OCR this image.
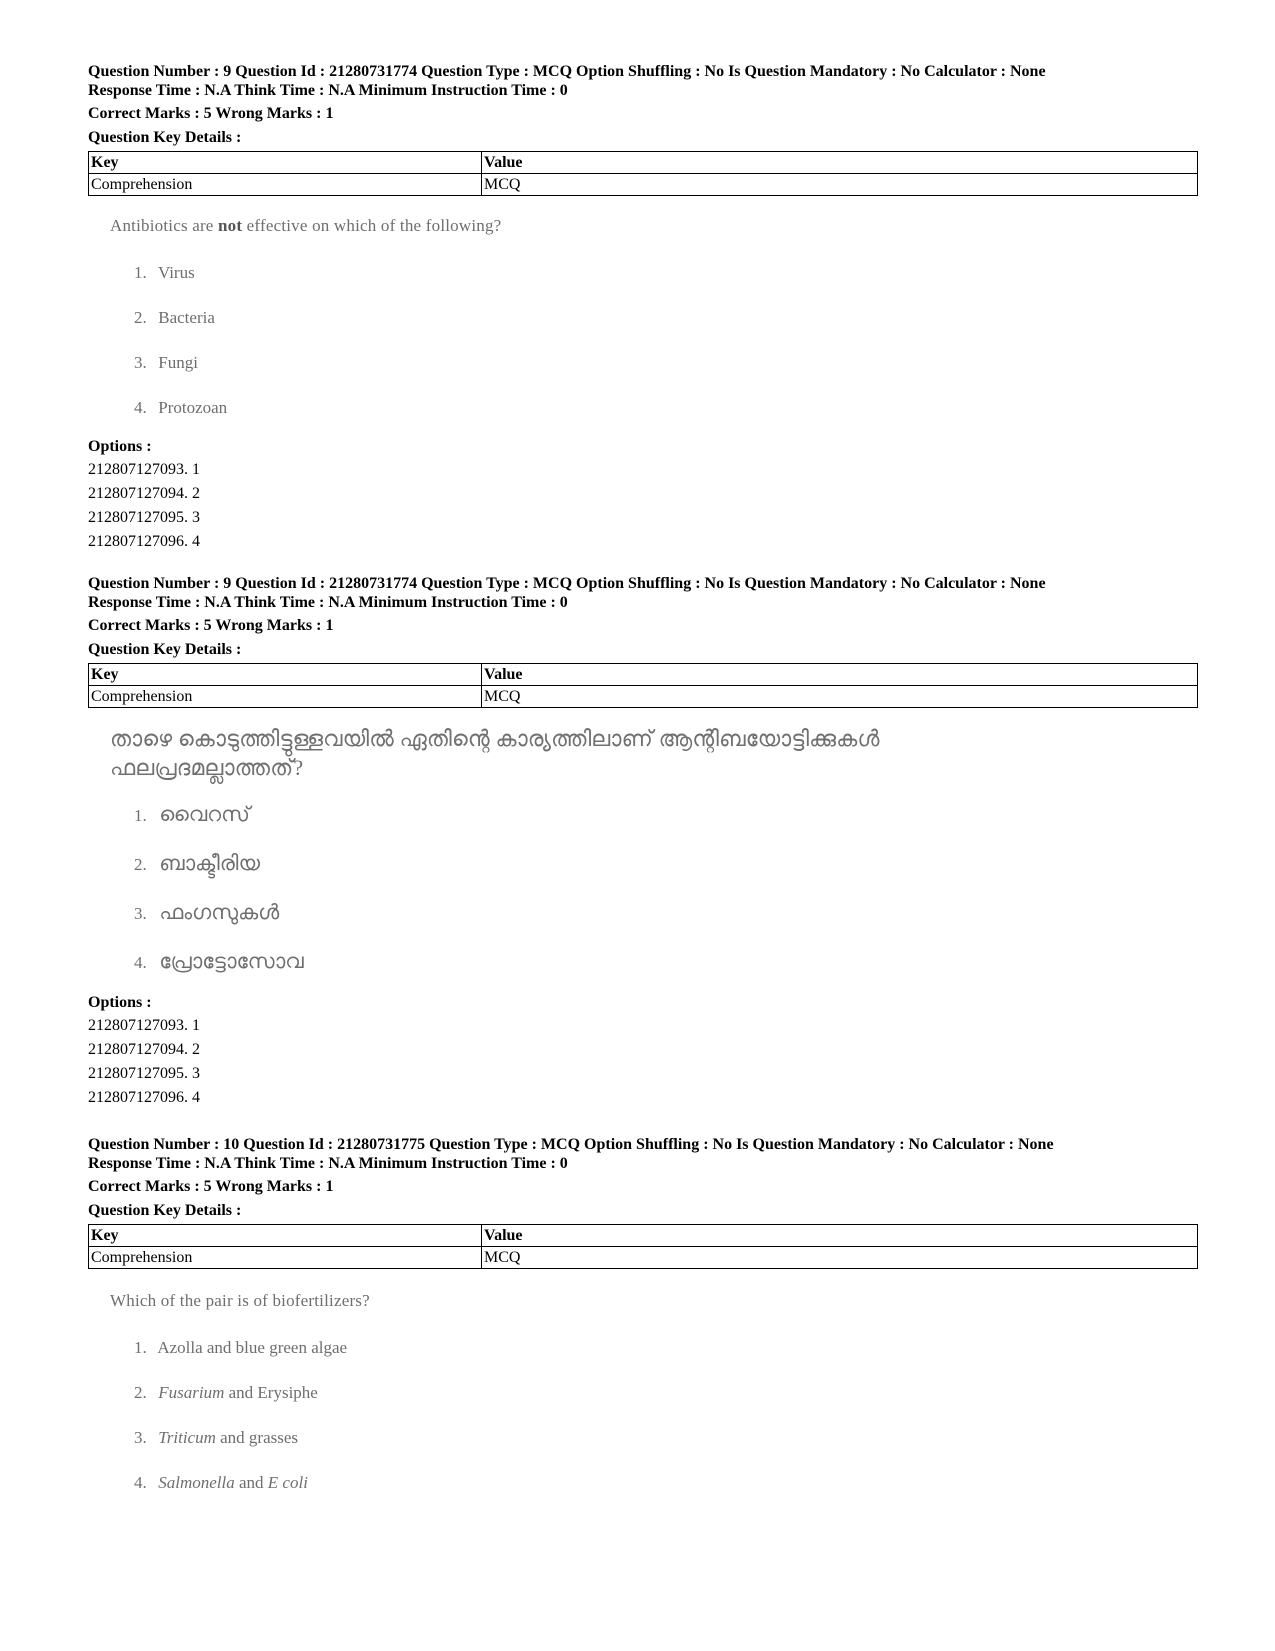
Question Number : 9 Question Id : 21280731774 Question Type : MCQ Option Shuffling : No Is Question Mandatory : No Calculator : None
Response Time : N.A Think Time : N.A Minimum Instruction Time : 0
Correct Marks : 5 Wrong Marks : 1
Question Key Details :
Key	Value
Comprehension	MCQ
Antibiotics are not effective on which of the following?
1. Virus
2. Bacteria
3. Fungi
4. Protozoan
Options :
212807127093. 1
212807127094. 2
212807127095. 3
212807127096. 4
Question Number : 9 Question Id : 21280731774 Question Type : MCQ Option Shuffling : No Is Question Mandatory : No Calculator : None
Response Time : N.A Think Time : N.A Minimum Instruction Time : 0
Correct Marks : 5 Wrong Marks : 1
Question Key Details :
Key	Value
Comprehension	MCQ
താഴെ കൊടുത്തിട്ടുള്ളവയിൽ ഏതിന്റെ കാര്യത്തിലാണ് ആന്റിബയോട്ടിക്കുകൾ ഫലപ്രദമല്ലാത്തത്?
1. വൈറസ്
2. ബാക്ടീരിയ
3. ഫംഗസുകൾ
4. പ്രോട്ടോസോവ
Options :
212807127093. 1
212807127094. 2
212807127095. 3
212807127096. 4
Question Number : 10 Question Id : 21280731775 Question Type : MCQ Option Shuffling : No Is Question Mandatory : No Calculator : None
Response Time : N.A Think Time : N.A Minimum Instruction Time : 0
Correct Marks : 5 Wrong Marks : 1
Question Key Details :
Key	Value
Comprehension	MCQ
Which of the pair is of biofertilizers?
1. Azolla and blue green algae
2. Fusarium and Erysiphe
3. Triticum and grasses
4. Salmonella and E coli
